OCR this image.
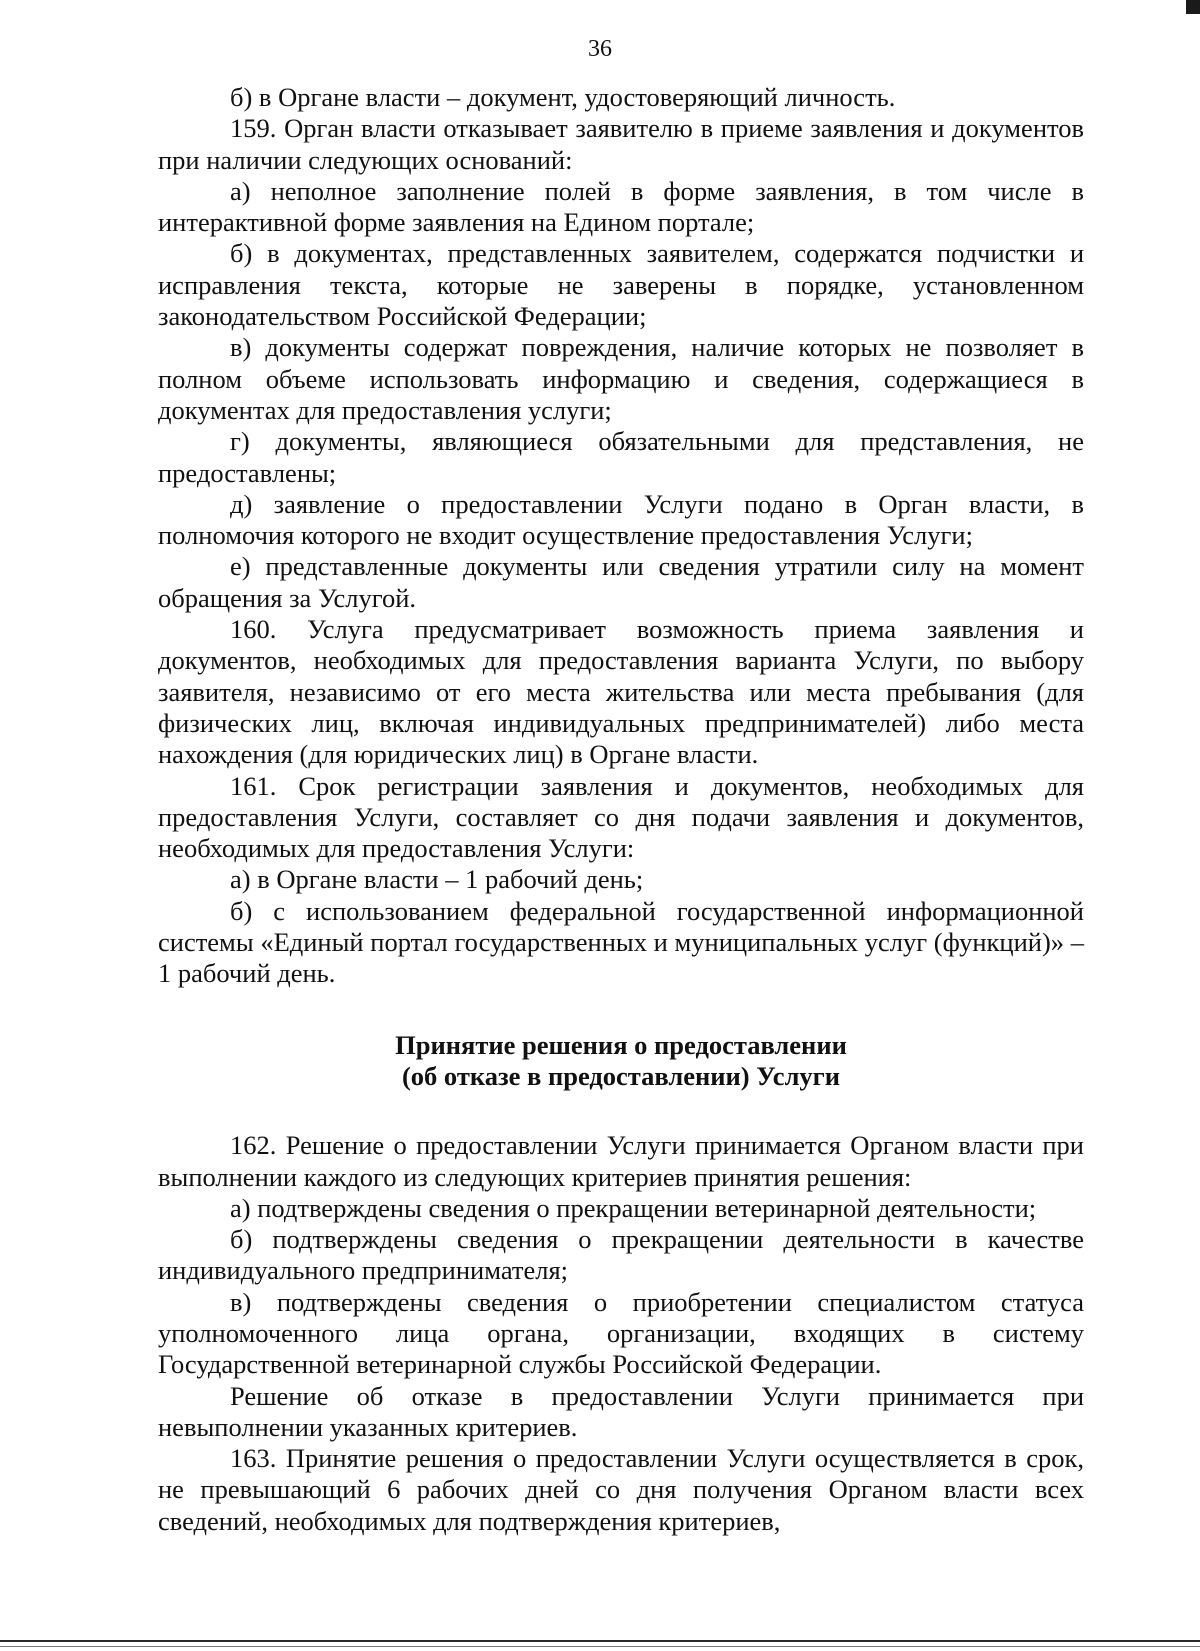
36

б) в Органе власти – документ, удостоверяющий личность.

159. Орган власти отказывает заявителю в приеме заявления и документов при наличии следующих оснований:

а) неполное заполнение полей в форме заявления, в том числе в интерактивной форме заявления на Едином портале;

б) в документах, представленных заявителем, содержатся подчистки и исправления текста, которые не заверены в порядке, установленном законодательством Российской Федерации;

в) документы содержат повреждения, наличие которых не позволяет в полном объеме использовать информацию и сведения, содержащиеся в документах для предоставления услуги;

г) документы, являющиеся обязательными для представления, не предоставлены;

д) заявление о предоставлении Услуги подано в Орган власти, в полномочия которого не входит осуществление предоставления Услуги;

е) представленные документы или сведения утратили силу на момент обращения за Услугой.

160. Услуга предусматривает возможность приема заявления и документов, необходимых для предоставления варианта Услуги, по выбору заявителя, независимо от его места жительства или места пребывания (для физических лиц, включая индивидуальных предпринимателей) либо места нахождения (для юридических лиц) в Органе власти.

161. Срок регистрации заявления и документов, необходимых для предоставления Услуги, составляет со дня подачи заявления и документов, необходимых для предоставления Услуги:

а) в Органе власти – 1 рабочий день;

б) с использованием федеральной государственной информационной системы «Единый портал государственных и муниципальных услуг (функций)» – 1 рабочий день.

Принятие решения о предоставлении
(об отказе в предоставлении) Услуги

162. Решение о предоставлении Услуги принимается Органом власти при выполнении каждого из следующих критериев принятия решения:

а) подтверждены сведения о прекращении ветеринарной деятельности;

б) подтверждены сведения о прекращении деятельности в качестве индивидуального предпринимателя;

в) подтверждены сведения о приобретении специалистом статуса уполномоченного лица органа, организации, входящих в систему Государственной ветеринарной службы Российской Федерации.

Решение об отказе в предоставлении Услуги принимается при невыполнении указанных критериев.

163. Принятие решения о предоставлении Услуги осуществляется в срок, не превышающий 6 рабочих дней со дня получения Органом власти всех сведений, необходимых для подтверждения критериев,
